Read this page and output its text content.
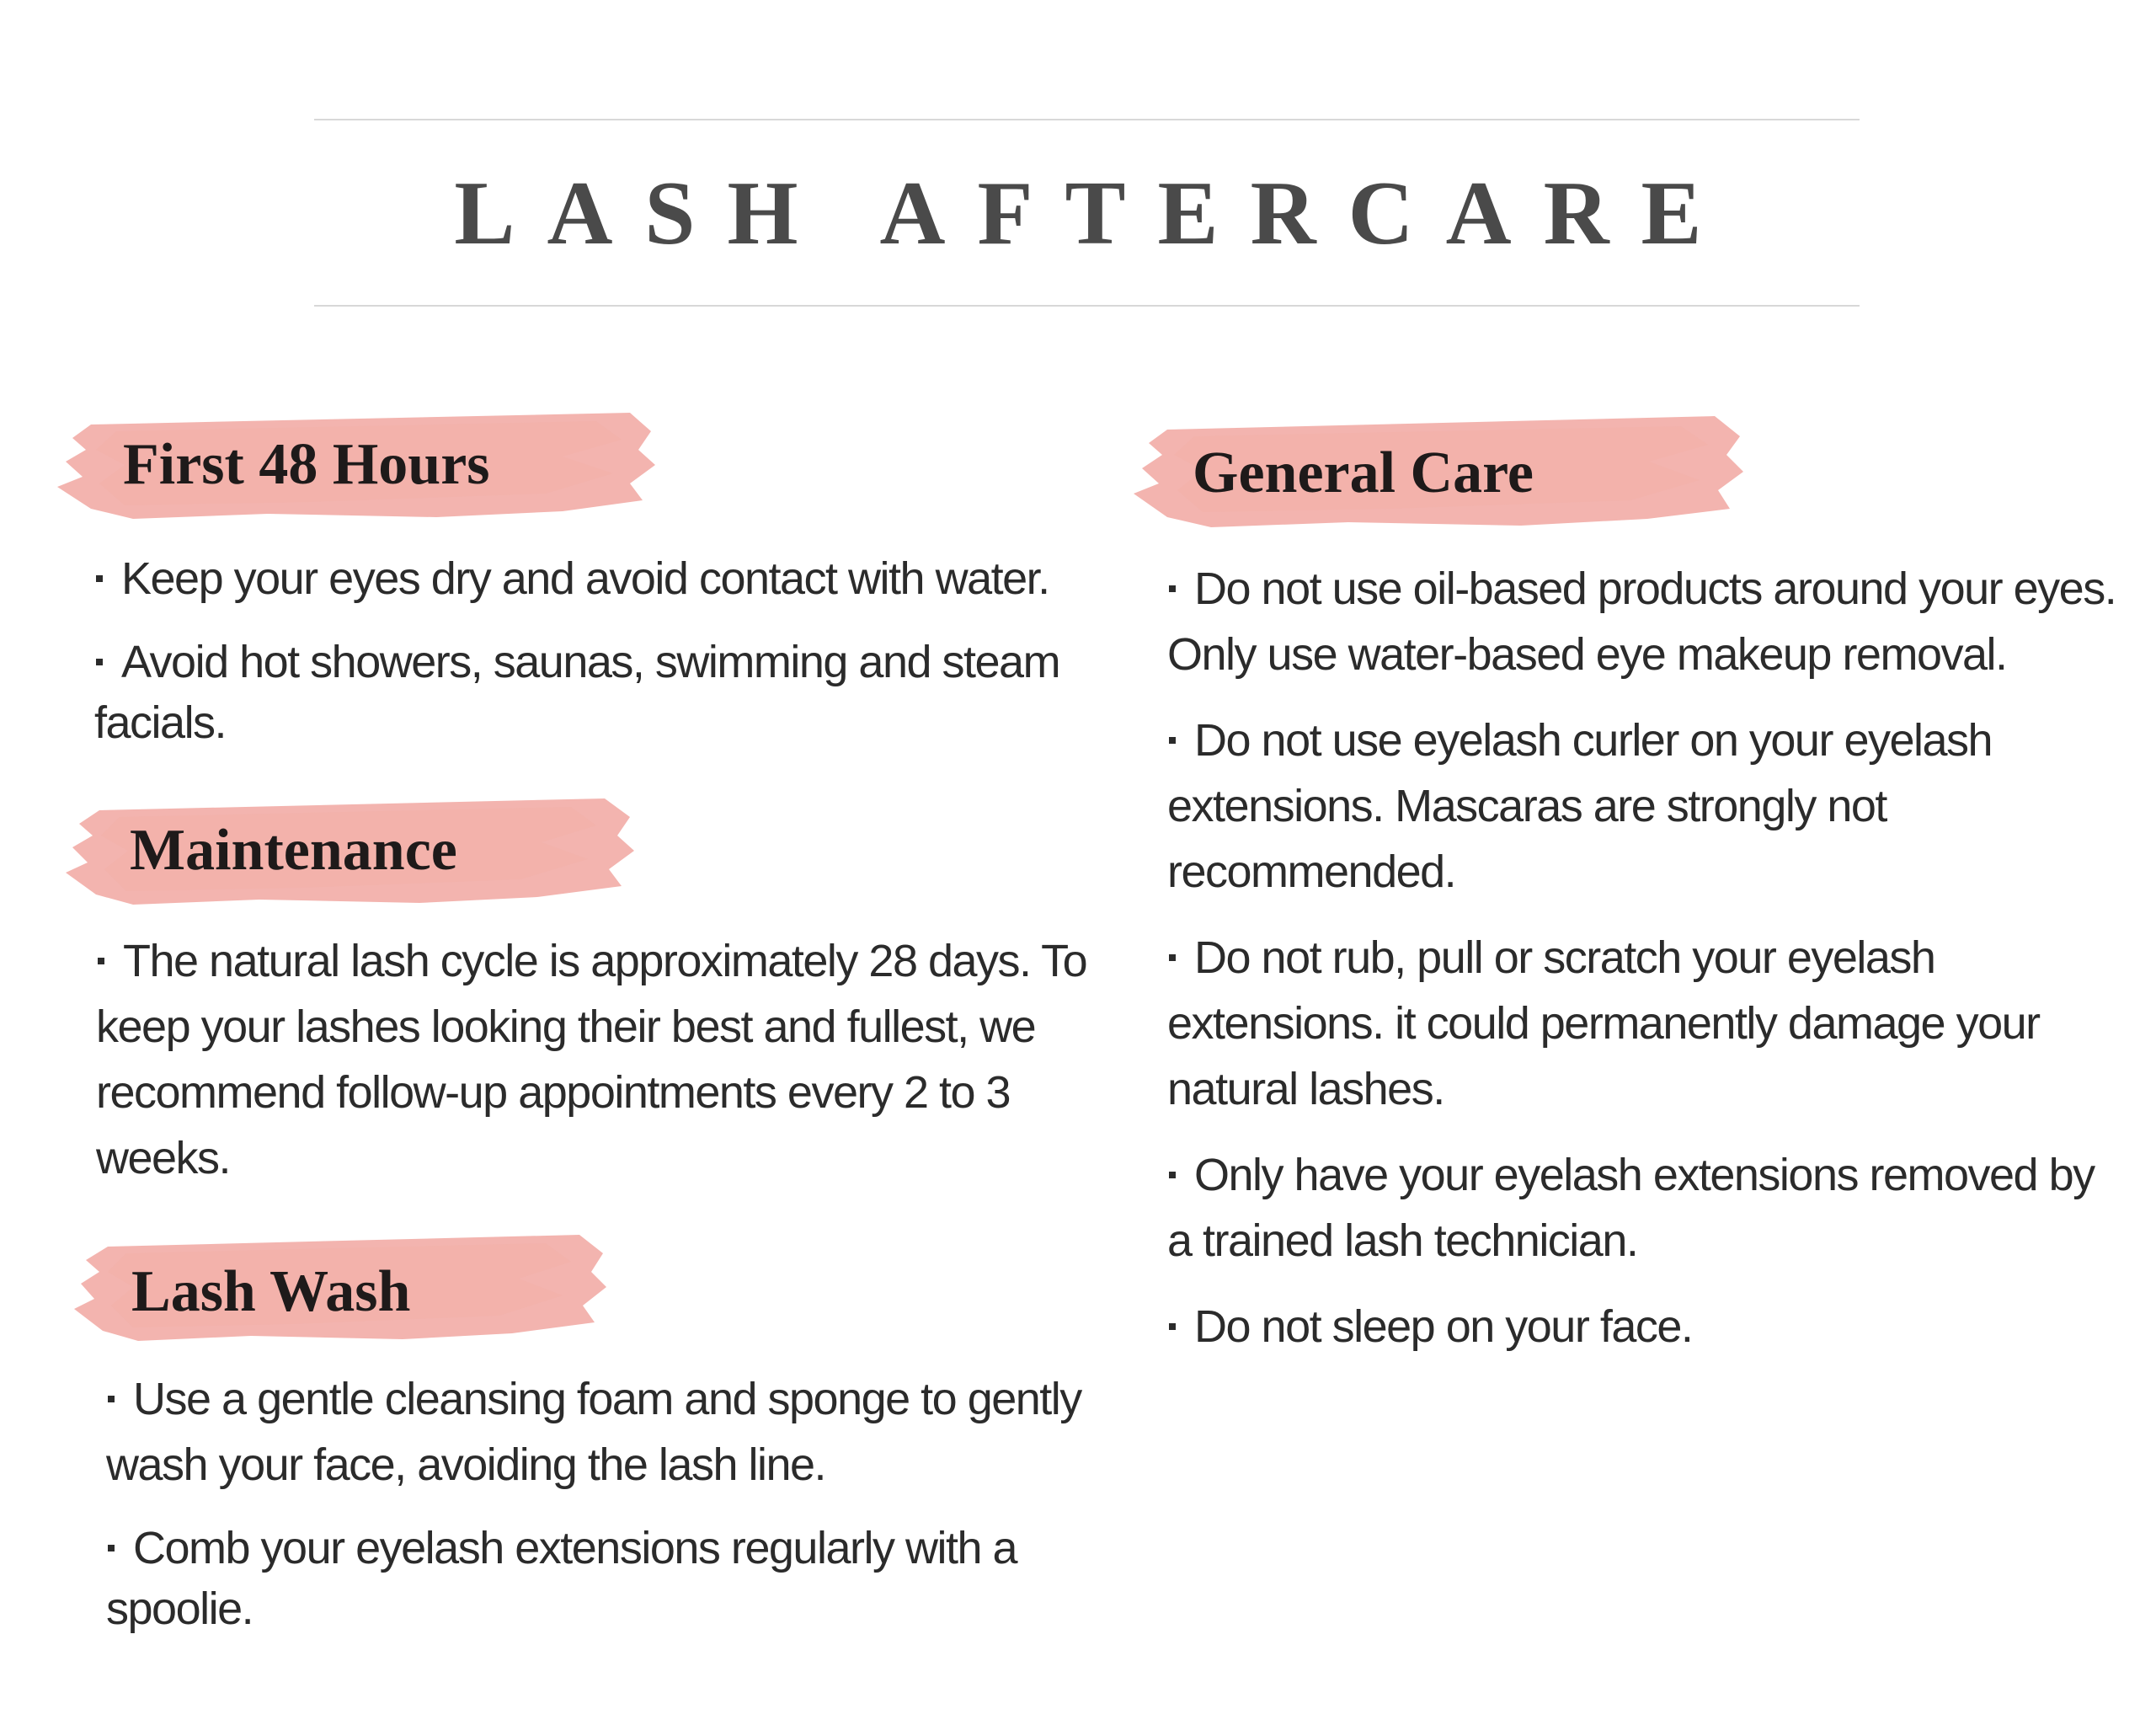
LASH AFTERCARE
First 48 Hours
Keep your eyes dry and avoid contact with water.
Avoid hot showers, saunas, swimming and steam facials.
Maintenance
The natural lash cycle is approximately 28 days. To keep your lashes looking their best and fullest, we recommend follow-up appointments every 2 to 3 weeks.
Lash Wash
Use a gentle cleansing foam and sponge to gently wash your face, avoiding the lash line.
Comb your eyelash extensions regularly with a spoolie.
General Care
Do not use oil-based products around your eyes. Only use water-based eye makeup removal.
Do not use eyelash curler on your eyelash extensions. Mascaras are strongly not recommended.
Do not rub, pull or scratch your eyelash extensions. it could permanently damage your natural lashes.
Only have your eyelash extensions removed by a trained lash technician.
Do not sleep on your face.
